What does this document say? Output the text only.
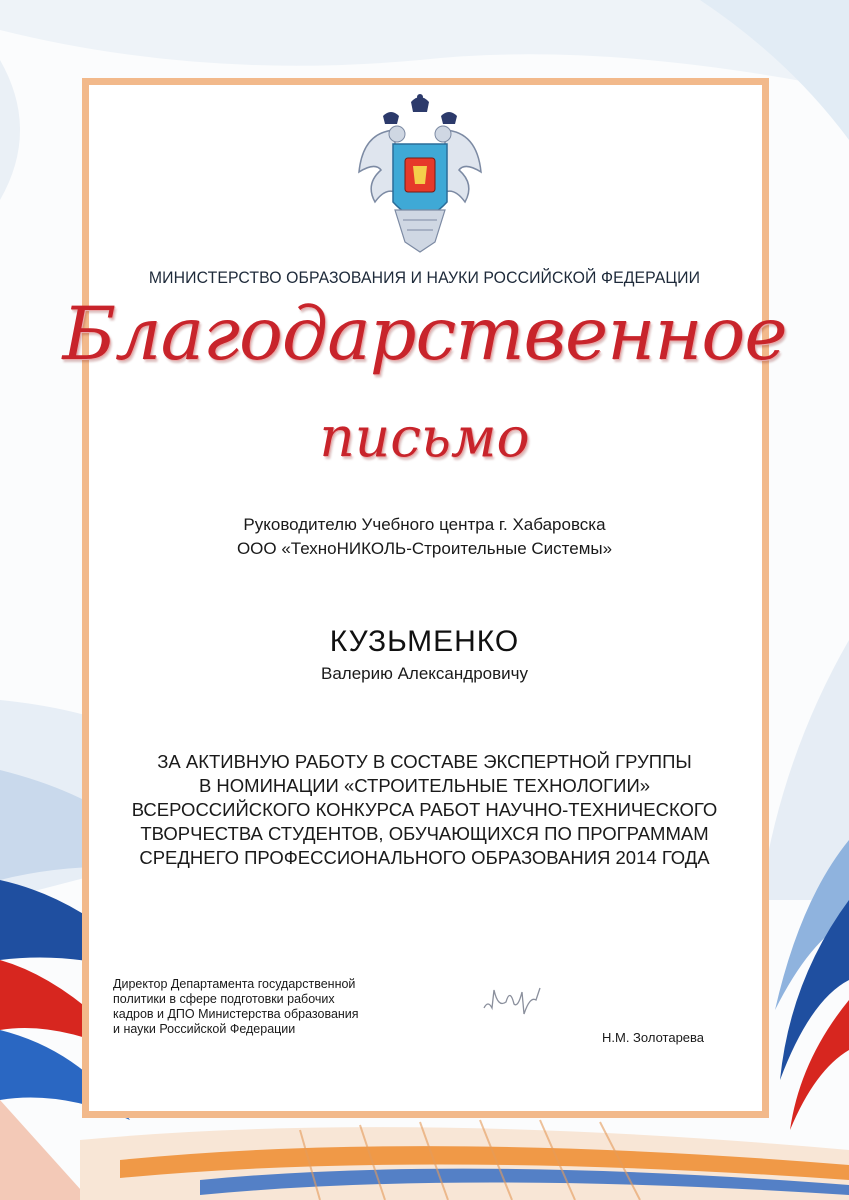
МИНИСТЕРСТВО ОБРАЗОВАНИЯ И НАУКИ РОССИЙСКОЙ ФЕДЕРАЦИИ
Благодарственное
письмо
Руководителю Учебного центра г. Хабаровска
ООО «ТехноНИКОЛЬ-Строительные Системы»
КУЗЬМЕНКО
Валерию Александровичу
ЗА АКТИВНУЮ РАБОТУ В СОСТАВЕ ЭКСПЕРТНОЙ ГРУППЫ
В НОМИНАЦИИ «СТРОИТЕЛЬНЫЕ ТЕХНОЛОГИИ»
ВСЕРОССИЙСКОГО КОНКУРСА РАБОТ НАУЧНО-ТЕХНИЧЕСКОГО
ТВОРЧЕСТВА СТУДЕНТОВ, ОБУЧАЮЩИХСЯ ПО ПРОГРАММАМ
СРЕДНЕГО ПРОФЕССИОНАЛЬНОГО ОБРАЗОВАНИЯ 2014 ГОДА
Директор Департамента государственной
политики в сфере подготовки рабочих
кадров и ДПО Министерства образования
и науки Российской Федерации
Н.М. Золотарева
